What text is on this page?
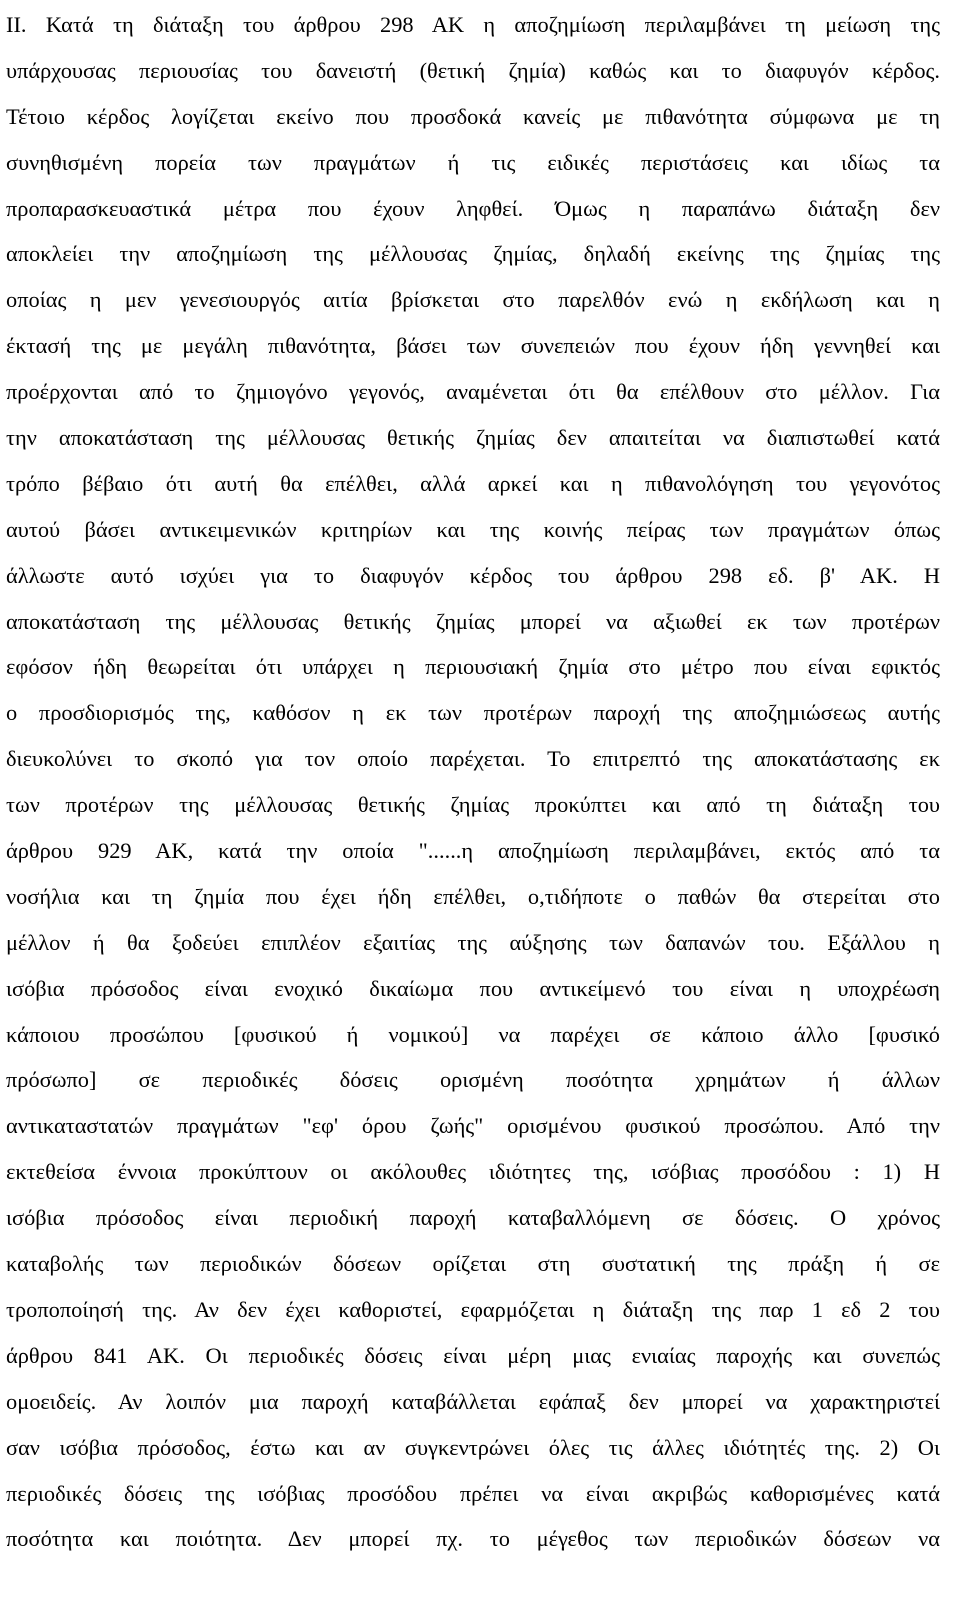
II. Κατά τη διάταξη του άρθρου 298 ΑΚ η αποζημίωση περιλαμβάνει τη μείωση της
υπάρχουσας περιουσίας του δανειστή (θετική ζημία) καθώς και το διαφυγόν κέρδος.
Τέτοιο κέρδος λογίζεται εκείνο που προσδοκά κανείς με πιθανότητα σύμφωνα με τη
συνηθισμένη πορεία των πραγμάτων ή τις ειδικές περιστάσεις και ιδίως τα
προπαρασκευαστικά μέτρα που έχουν ληφθεί. Όμως η παραπάνω διάταξη δεν
αποκλείει την αποζημίωση της μέλλουσας ζημίας, δηλαδή εκείνης της ζημίας της
οποίας η μεν γενεσιουργός αιτία βρίσκεται στο παρελθόν ενώ η εκδήλωση και η
έκτασή της με μεγάλη πιθανότητα, βάσει των συνεπειών που έχουν ήδη γεννηθεί και
προέρχονται από το ζημιογόνο γεγονός, αναμένεται ότι θα επέλθουν στο μέλλον. Για
την αποκατάσταση της μέλλουσας θετικής ζημίας δεν απαιτείται να διαπιστωθεί κατά
τρόπο βέβαιο ότι αυτή θα επέλθει, αλλά αρκεί και η πιθανολόγηση του γεγονότος
αυτού βάσει αντικειμενικών κριτηρίων και της κοινής πείρας των πραγμάτων όπως
άλλωστε αυτό ισχύει για το διαφυγόν κέρδος του άρθρου 298 εδ. β' ΑΚ. Η
αποκατάσταση της μέλλουσας θετικής ζημίας μπορεί να αξιωθεί εκ των προτέρων
εφόσον ήδη θεωρείται ότι υπάρχει η περιουσιακή ζημία στο μέτρο που είναι εφικτός
ο προσδιορισμός της, καθόσον η εκ των προτέρων παροχή της αποζημιώσεως αυτής
διευκολύνει το σκοπό για τον οποίο παρέχεται. Το επιτρεπτό της αποκατάστασης εκ
των προτέρων της μέλλουσας θετικής ζημίας προκύπτει και από τη διάταξη του
άρθρου 929 ΑΚ, κατά την οποία "......η αποζημίωση περιλαμβάνει, εκτός από τα
νοσήλια και τη ζημία που έχει ήδη επέλθει, ο,τιδήποτε ο παθών θα στερείται στο
μέλλον ή θα ξοδεύει επιπλέον εξαιτίας της αύξησης των δαπανών του. Εξάλλου η
ισόβια πρόσοδος είναι ενοχικό δικαίωμα που αντικείμενό του είναι η υποχρέωση
κάποιου προσώπου [φυσικού ή νομικού] να παρέχει σε κάποιο άλλο [φυσικό
πρόσωπο] σε περιοδικές δόσεις ορισμένη ποσότητα χρημάτων ή άλλων
αντικαταστατών πραγμάτων "εφ' όρου ζωής" ορισμένου φυσικού προσώπου. Από την
εκτεθείσα έννοια προκύπτουν οι ακόλουθες ιδιότητες της, ισόβιας προσόδου : 1) Η
ισόβια πρόσοδος είναι περιοδική παροχή καταβαλλόμενη σε δόσεις. Ο χρόνος
καταβολής των περιοδικών δόσεων ορίζεται στη συστατική της πράξη ή σε
τροποποίησή της. Αν δεν έχει καθοριστεί, εφαρμόζεται η διάταξη της παρ 1 εδ 2 του
άρθρου 841 ΑΚ. Οι περιοδικές δόσεις είναι μέρη μιας ενιαίας παροχής και συνεπώς
ομοειδείς. Αν λοιπόν μια παροχή καταβάλλεται εφάπαξ δεν μπορεί να χαρακτηριστεί
σαν ισόβια πρόσοδος, έστω και αν συγκεντρώνει όλες τις άλλες ιδιότητές της. 2) Οι
περιοδικές δόσεις της ισόβιας προσόδου πρέπει να είναι ακριβώς καθορισμένες κατά
ποσότητα και ποιότητα. Δεν μπορεί πχ. το μέγεθος των περιοδικών δόσεων να
